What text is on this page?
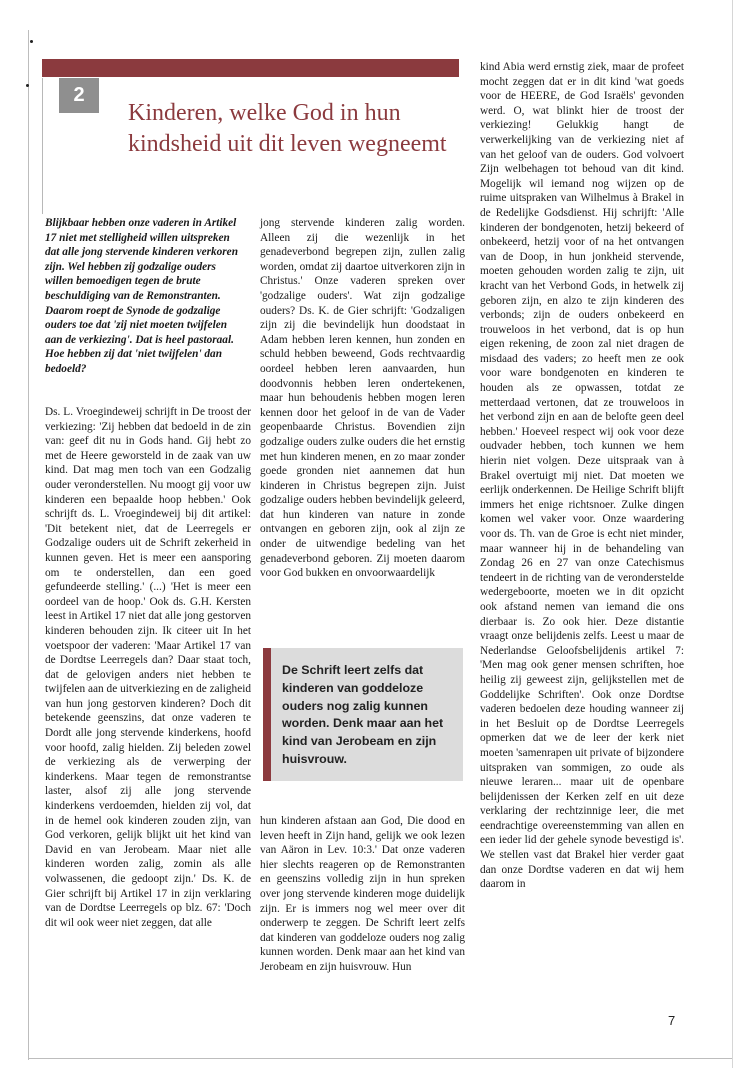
2
Kinderen, welke God in hun kindsheid uit dit leven wegneemt

Blijkbaar hebben onze vaderen in Artikel 17 niet met stelligheid willen uitspreken dat alle jong stervende kinderen verkoren zijn. Wel hebben zij godzalige ouders willen bemoedigen tegen de brute beschuldiging van de Remonstranten. Daarom roept de Synode de godzalige ouders toe dat 'zij niet moeten twijfelen aan de verkiezing'. Dat is heel pastoraal. Hoe hebben zij dat 'niet twijfelen' dan bedoeld?

Ds. L. Vroegindeweij schrijft in De troost der verkiezing: 'Zij hebben dat bedoeld in de zin van: geef dit nu in Gods hand. Gij hebt zo met de Heere geworsteld in de zaak van uw kind. Dat mag men toch van een Godzalig ouder veronderstellen. Nu moogt gij voor uw kinderen een bepaalde hoop hebben.' Ook schrijft ds. L. Vroegindeweij bij dit artikel: 'Dit betekent niet, dat de Leerregels er Godzalige ouders uit de Schrift zekerheid in kunnen geven. Het is meer een aansporing om te onderstellen, dan een goed gefundeerde stelling.' (...) 'Het is meer een oordeel van de hoop.' Ook ds. G.H. Kersten leest in Artikel 17 niet dat alle jong gestorven kinderen behouden zijn. Ik citeer uit In het voetspoor der vaderen: 'Maar Artikel 17 van de Dordtse Leerregels dan? Daar staat toch, dat de gelovigen anders niet hebben te twijfelen aan de uitverkiezing en de zaligheid van hun jong gestorven kinderen? Doch dit betekende geenszins, dat onze vaderen te Dordt alle jong stervende kinderkens, hoofd voor hoofd, zalig hielden. Zij beleden zowel de verkiezing als de verwerping der kinderkens. Maar tegen de remonstrantse laster, alsof zij alle jong stervende kinderkens verdoemden, hielden zij vol, dat in de hemel ook kinderen zouden zijn, van God verkoren, gelijk blijkt uit het kind van David en van Jerobeam. Maar niet alle kinderen worden zalig, zomin als alle volwassenen, die gedoopt zijn.' Ds. K. de Gier schrijft bij Artikel 17 in zijn verklaring van de Dordtse Leerregels op blz. 67: 'Doch dit wil ook weer niet zeggen, dat alle

jong stervende kinderen zalig worden. Alleen zij die wezenlijk in het genadeverbond begrepen zijn, zullen zalig worden, omdat zij daartoe uitverkoren zijn in Christus.' Onze vaderen spreken over 'godzalige ouders'. Wat zijn godzalige ouders? Ds. K. de Gier schrijft: 'Godzaligen zijn zij die bevindelijk hun doodstaat in Adam hebben leren kennen, hun zonden en schuld hebben beweend, Gods rechtvaardig oordeel hebben leren aanvaarden, hun doodvonnis hebben leren ondertekenen, maar hun behoudenis hebben mogen leren kennen door het geloof in de van de Vader geopenbaarde Christus. Bovendien zijn godzalige ouders zulke ouders die het ernstig met hun kinderen menen, en zo maar zonder goede gronden niet aannemen dat hun kinderen in Christus begrepen zijn. Juist godzalige ouders hebben bevindelijk geleerd, dat hun kinderen van nature in zonde ontvangen en geboren zijn, ook al zijn ze onder de uitwendige bedeling van het genadeverbond geboren. Zij moeten daarom voor God bukken en onvoorwaardelijk

De Schrift leert zelfs dat kinderen van goddeloze ouders nog zalig kunnen worden. Denk maar aan het kind van Jerobeam en zijn huisvrouw.

hun kinderen afstaan aan God, Die dood en leven heeft in Zijn hand, gelijk we ook lezen van Aäron in Lev. 10:3.' Dat onze vaderen hier slechts reageren op de Remonstranten en geenszins volledig zijn in hun spreken over jong stervende kinderen moge duidelijk zijn. Er is immers nog wel meer over dit onderwerp te zeggen. De Schrift leert zelfs dat kinderen van goddeloze ouders nog zalig kunnen worden. Denk maar aan het kind van Jerobeam en zijn huisvrouw. Hun

kind Abia werd ernstig ziek, maar de profeet mocht zeggen dat er in dit kind 'wat goeds voor de HEERE, de God Israëls' gevonden werd. O, wat blinkt hier de troost der verkiezing! Gelukkig hangt de verwerkelijking van de verkiezing niet af van het geloof van de ouders. God volvoert Zijn welbehagen tot behoud van dit kind. Mogelijk wil iemand nog wijzen op de ruime uitspraken van Wilhelmus à Brakel in de Redelijke Godsdienst. Hij schrijft: 'Alle kinderen der bondgenoten, hetzij bekeerd of onbekeerd, hetzij voor of na het ontvangen van de Doop, in hun jonkheid stervende, moeten gehouden worden zalig te zijn, uit kracht van het Verbond Gods, in hetwelk zij geboren zijn, en alzo te zijn kinderen des verbonds; zijn de ouders onbekeerd en trouweloos in het verbond, dat is op hun eigen rekening, de zoon zal niet dragen de misdaad des vaders; zo heeft men ze ook voor ware bondgenoten en kinderen te houden als ze opwassen, totdat ze metterdaad vertonen, dat ze trouweloos in het verbond zijn en aan de belofte geen deel hebben.' Hoeveel respect wij ook voor deze oudvader hebben, toch kunnen we hem hierin niet volgen. Deze uitspraak van à Brakel overtuigt mij niet. Dat moeten we eerlijk onderkennen. De Heilige Schrift blijft immers het enige richtsnoer. Zulke dingen komen wel vaker voor. Onze waardering voor ds. Th. van de Groe is echt niet minder, maar wanneer hij in de behandeling van Zondag 26 en 27 van onze Catechismus tendeert in de richting van de veronderstelde wedergeboorte, moeten we in dit opzicht ook afstand nemen van iemand die ons dierbaar is. Zo ook hier. Deze distantie vraagt onze belijdenis zelfs. Leest u maar de Nederlandse Geloofsbelijdenis artikel 7: 'Men mag ook gener mensen schriften, hoe heilig zij geweest zijn, gelijkstellen met de Goddelijke Schriften'. Ook onze Dordtse vaderen bedoelen deze houding wanneer zij in het Besluit op de Dordtse Leerregels opmerken dat we de leer der kerk niet moeten 'samenrapen uit private of bijzondere uitspraken van sommigen, zo oude als nieuwe leraren... maar uit de openbare belijdenissen der Kerken zelf en uit deze verklaring der rechtzinnige leer, die met eendrachtige overeenstemming van allen en een ieder lid der gehele synode bevestigd is'. We stellen vast dat Brakel hier verder gaat dan onze Dordtse vaderen en dat wij hem daarom in

7
